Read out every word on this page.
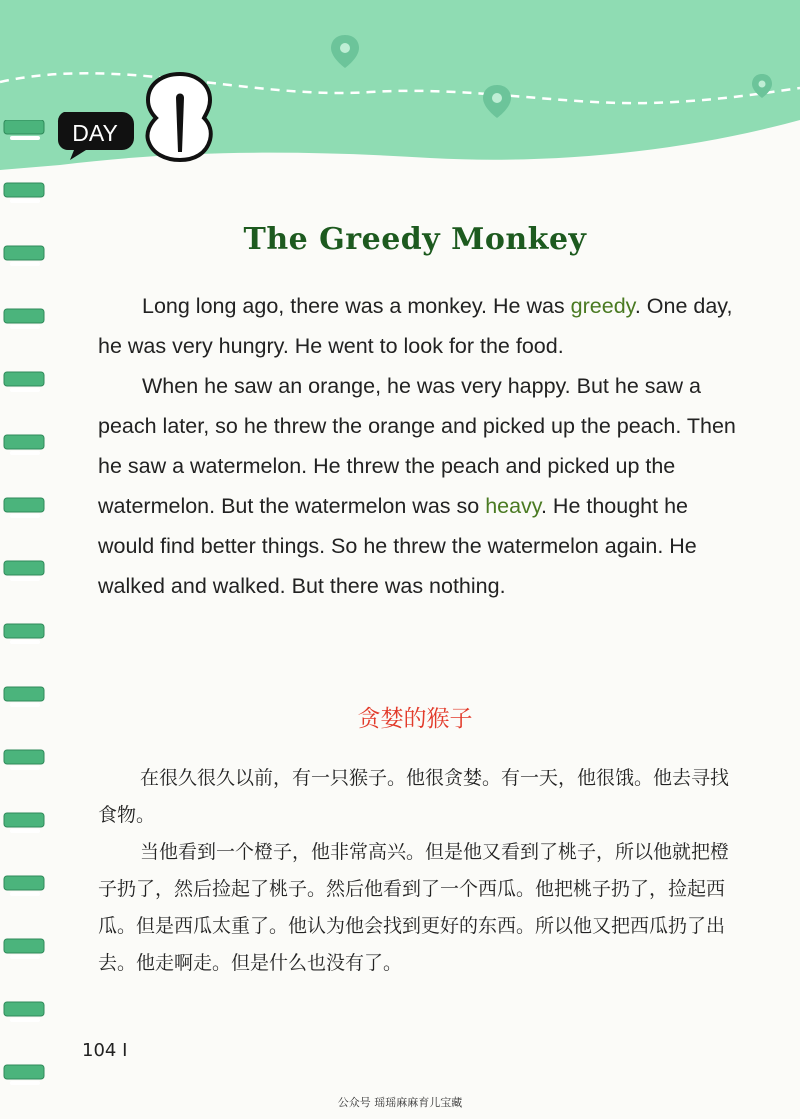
DAY
The Greedy Monkey

Long long ago, there was a monkey. He was greedy. One day, he was very hungry. He went to look for the food.

When he saw an orange, he was very happy. But he saw a peach later, so he threw the orange and picked up the peach. Then he saw a watermelon. He threw the peach and picked up the watermelon. But the watermelon was so heavy. He thought he would find better things. So he threw the watermelon again. He walked and walked. But there was nothing.

贪婪的猴子

在很久很久以前，有一只猴子。他很贪婪。有一天，他很饿。他去寻找食物。

当他看到一个橙子，他非常高兴。但是他又看到了桃子，所以他就把橙子扔了，然后捡起了桃子。然后他看到了一个西瓜。他把桃子扔了，捡起西瓜。但是西瓜太重了。他认为他会找到更好的东西。所以他又把西瓜扔了出去。他走啊走。但是什么也没有了。

104 I
公众号 瑶瑶麻麻育儿宝藏
